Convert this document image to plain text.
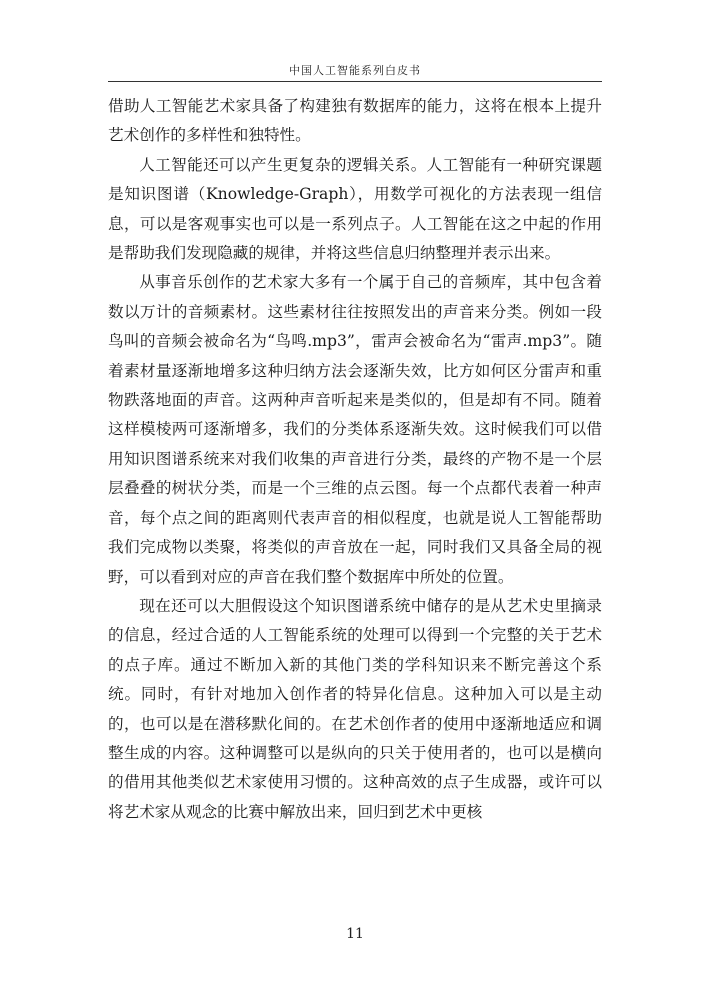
中国人工智能系列白皮书

借助人工智能艺术家具备了构建独有数据库的能力，这将在根本上提升艺术创作的多样性和独特性。

人工智能还可以产生更复杂的逻辑关系。人工智能有一种研究课题是知识图谱（Knowledge-Graph），用数学可视化的方法表现一组信息，可以是客观事实也可以是一系列点子。人工智能在这之中起的作用是帮助我们发现隐藏的规律，并将这些信息归纳整理并表示出来。

从事音乐创作的艺术家大多有一个属于自己的音频库，其中包含着数以万计的音频素材。这些素材往往按照发出的声音来分类。例如一段鸟叫的音频会被命名为“鸟鸣.mp3”，雷声会被命名为“雷声.mp3”。随着素材量逐渐地增多这种归纳方法会逐渐失效，比方如何区分雷声和重物跌落地面的声音。这两种声音听起来是类似的，但是却有不同。随着这样模棱两可逐渐增多，我们的分类体系逐渐失效。这时候我们可以借用知识图谱系统来对我们收集的声音进行分类，最终的产物不是一个层层叠叠的树状分类，而是一个三维的点云图。每一个点都代表着一种声音，每个点之间的距离则代表声音的相似程度，也就是说人工智能帮助我们完成物以类聚，将类似的声音放在一起，同时我们又具备全局的视野，可以看到对应的声音在我们整个数据库中所处的位置。

现在还可以大胆假设这个知识图谱系统中储存的是从艺术史里摘录的信息，经过合适的人工智能系统的处理可以得到一个完整的关于艺术的点子库。通过不断加入新的其他门类的学科知识来不断完善这个系统。同时，有针对地加入创作者的特异化信息。这种加入可以是主动的，也可以是在潜移默化间的。在艺术创作者的使用中逐渐地适应和调整生成的内容。这种调整可以是纵向的只关于使用者的，也可以是横向的借用其他类似艺术家使用习惯的。这种高效的点子生成器，或许可以将艺术家从观念的比赛中解放出来，回归到艺术中更核

11
